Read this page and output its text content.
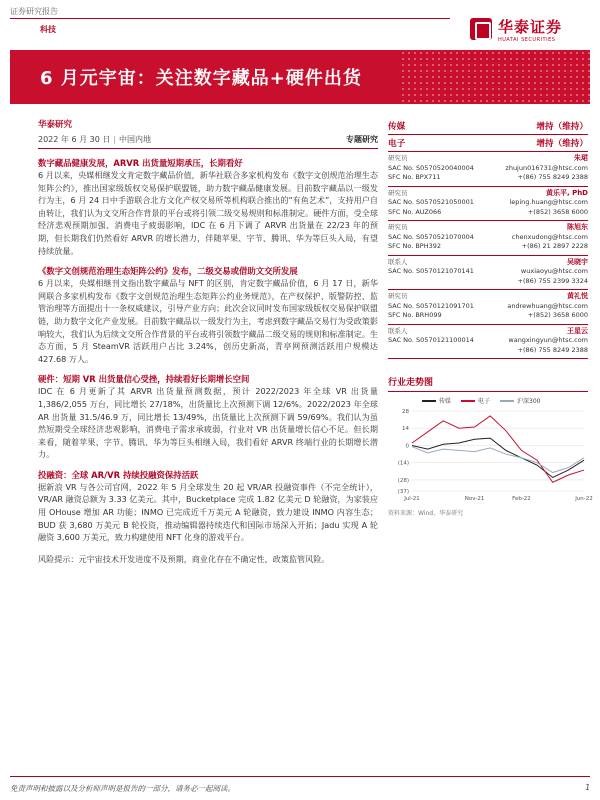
证券研究报告
科技	华泰证券
HUATAI SECURITIES
6 月元宇宙：关注数字藏品+硬件出货
华泰研究
2022 年 6 月 30 日 | 中国内地	专题研究
数字藏品健康发展，ARVR 出货量短期承压，长期看好
6 月以来，央媒相继发文肯定数字藏品价值，新华社联合多家机构发布《数字文创规范治理生态矩阵公约》，推出国家级版权交易保护联盟链，助力数字藏品健康发展。目前数字藏品以一级发行为主，6 月 24 日中手游联合北方文化产权交易所等机构联合推出的“有鱼艺术”，支持用户自由转让，我们认为文交所合作背景的平台或将引领二级交易规则和标准制定。硬件方面，受全球经济悲观预期加强、消费电子疲弱影响，IDC 在 6 月下调了 ARVR 出货量在 22/23 年的预期，但长期我们仍然看好 ARVR 的增长潜力，伴随苹果、字节、腾讯、华为等巨头入局，有望持续放量。
《数字文创规范治理生态矩阵公约》发布，二级交易或借助文交所发展
6 月以来，央媒相继刊文指出数字藏品与 NFT 的区别，肯定数字藏品价值，6 月 17 日，新华网联合多家机构发布《数字文创规范治理生态矩阵公约业务规范》，在产权保护、版警防控、监管治理等方面提出十一条权威建议，引导产业方向；此次会议同时发布国家级版权交易保护联盟链，助力数字文化产业发展。目前数字藏品以一级发行为主，考虑到数字藏品交易行为受政策影响较大，我们认为后续文交所合作背景的平台或将引领数字藏品二级交易的规则和标准制定。生态方面，5 月 SteamVR 活跃用户占比 3.24%，创历史新高，青亭网预测活跃用户规模达 427.68 万人。
硬件：短期 VR 出货量信心受挫，持续看好长期增长空间
IDC 在 6 月更新了其 ARVR 出货量预测数据，预计 2022/2023 年全球 VR 出货量 1,386/2,055 万台，同比增长 27/18%，出货量比上次预测下调 12/6%。2022/2023 年全球 AR 出货量 31.5/46.9 万，同比增长 13/49%，出货量比上次预测下调 59/69%。我们认为虽然短期受全球经济悲观影响，消费电子需求承疲弱，行业对 VR 出货量增长信心不足。但长期来看，随着苹果、字节、腾讯、华为等巨头相继入局，我们看好 ARVR 终端行业的长期增长潜力。
投融资：全球 AR/VR 持续投融资保持活跃
据新浪 VR 与各公司官网，2022 年 5 月全球发生 20 起 VR/AR 投融资事件（不完全统计），VR/AR 融资总额为 3.33 亿美元。其中，Bucketplace 完成 1.82 亿美元 D 轮融资，为家装应用 OHouse 增加 AR 功能；INMO 已完成近千万美元 A 轮融资，致力建设 INMO 内容生态；BUD 获 3,680 万美元 B 轮投资，推动编辑器持续迭代和国际市场深入开拓；Jadu 实现 A 轮融资 3,600 万美元，致力构建使用 NFT 化身的游戏平台。
风险提示：元宇宙技术开发进度不及预期，商业化存在不确定性，政策监管风险。
传媒	增持（维持）
电子	增持（维持）
研究员	朱珺
SAC No. S0570520040004	zhujun016731@htsc.com
SFC No. BPX711	+(86) 755 8249 2388
研究员	黄乐平, PhD
SAC No. S0570521050001	leping.huang@htsc.com
SFC No. AUZ066	+(852) 3658 6000
研究员	陈旭东
SAC No. S0570521070004	chenxudong@htsc.com
SFC No. BPH392	+(86) 21 2897 2228
联系人	吴晓宇
SAC No. S0570121070141	wuxiaoyu@htsc.com
+(86) 755 2399 3324
研究员	黄礼悦
SAC No. S0570121091701	andrewhuang@htsc.com
SFC No. BRH099	+(852) 3658 6000
联系人	王星云
SAC No. S0570121100014	wangxingyun@htsc.com
+(86) 755 8249 2388
行业走势图
传媒	电子	沪深300
28
14
0
(14)
(28)
(37)
Jul-21	Nov-21	Feb-22	Jun-22
资料来源：Wind，华泰研究
免责声明和披露以及分析师声明是报告的一部分，请务必一起阅读。	1
